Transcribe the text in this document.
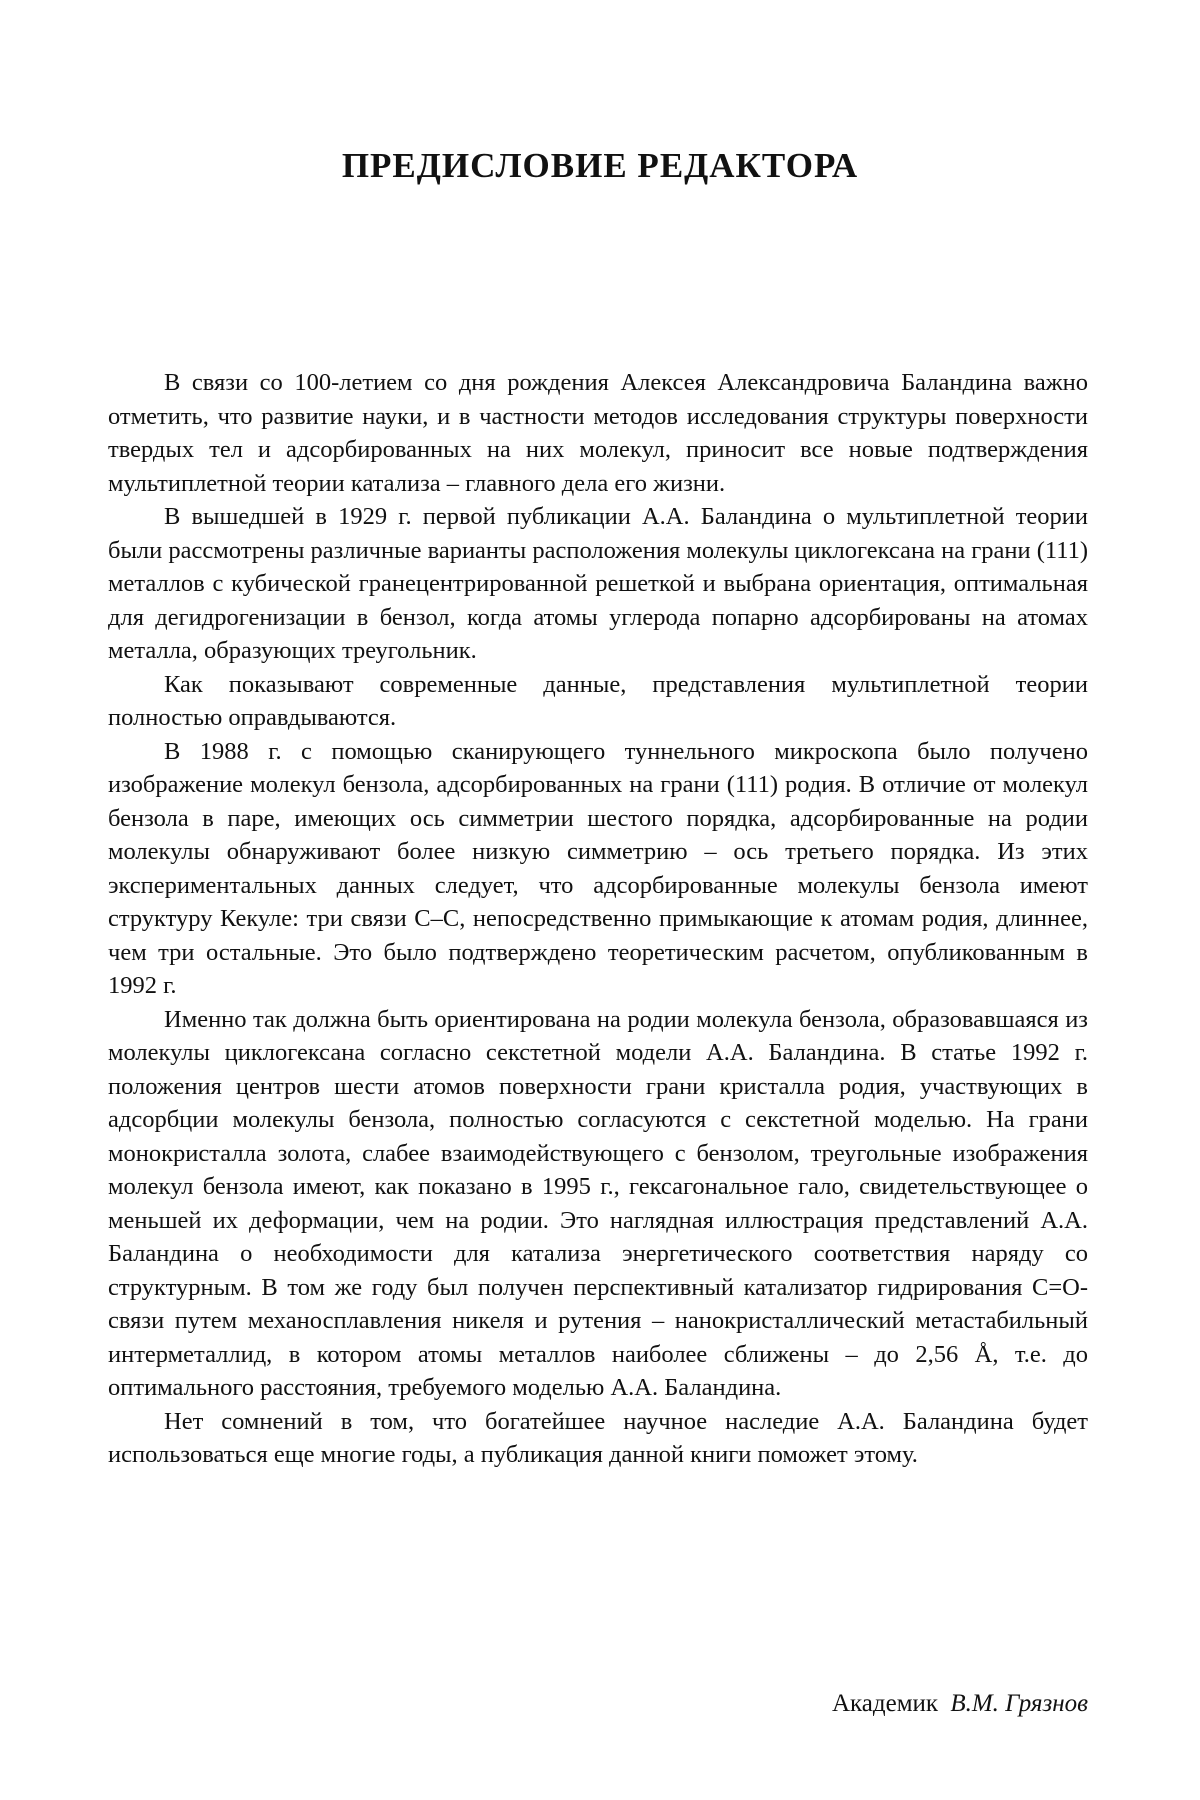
ПРЕДИСЛОВИЕ РЕДАКТОРА

В связи со 100-летием со дня рождения Алексея Александровича Баландина важно отметить, что развитие науки, и в частности методов исследования структуры поверхности твердых тел и адсорбированных на них молекул, приносит все новые подтверждения мультиплетной теории катализа – главного дела его жизни.

В вышедшей в 1929 г. первой публикации А.А. Баландина о мультиплетной теории были рассмотрены различные варианты расположения молекулы циклогексана на грани (111) металлов с кубической гранецентрированной решеткой и выбрана ориентация, оптимальная для дегидрогенизации в бензол, когда атомы углерода попарно адсорбированы на атомах металла, образующих треугольник.

Как показывают современные данные, представления мультиплетной теории полностью оправдываются.

В 1988 г. с помощью сканирующего туннельного микроскопа было получено изображение молекул бензола, адсорбированных на грани (111) родия. В отличие от молекул бензола в паре, имеющих ось симметрии шестого порядка, адсорбированные на родии молекулы обнаруживают более низкую симметрию – ось третьего порядка. Из этих экспериментальных данных следует, что адсорбированные молекулы бензола имеют структуру Кекуле: три связи С–С, непосредственно примыкающие к атомам родия, длиннее, чем три остальные. Это было подтверждено теоретическим расчетом, опубликованным в 1992 г.

Именно так должна быть ориентирована на родии молекула бензола, образовавшаяся из молекулы циклогексана согласно секстетной модели А.А. Баландина. В статье 1992 г. положения центров шести атомов поверхности грани кристалла родия, участвующих в адсорбции молекулы бензола, полностью согласуются с секстетной моделью. На грани монокристалла золота, слабее взаимодействующего с бензолом, треугольные изображения молекул бензола имеют, как показано в 1995 г., гексагональное гало, свидетельствующее о меньшей их деформации, чем на родии. Это наглядная иллюстрация представлений А.А. Баландина о необходимости для катализа энергетического соответствия наряду со структурным. В том же году был получен перспективный катализатор гидрирования С=О-связи путем механосплавления никеля и рутения – нанокристаллический метастабильный интерметаллид, в котором атомы металлов наиболее сближены – до 2,56 Å, т.е. до оптимального расстояния, требуемого моделью А.А. Баландина.

Нет сомнений в том, что богатейшее научное наследие А.А. Баландина будет использоваться еще многие годы, а публикация данной книги поможет этому.

Академик В.М. Грязнов
